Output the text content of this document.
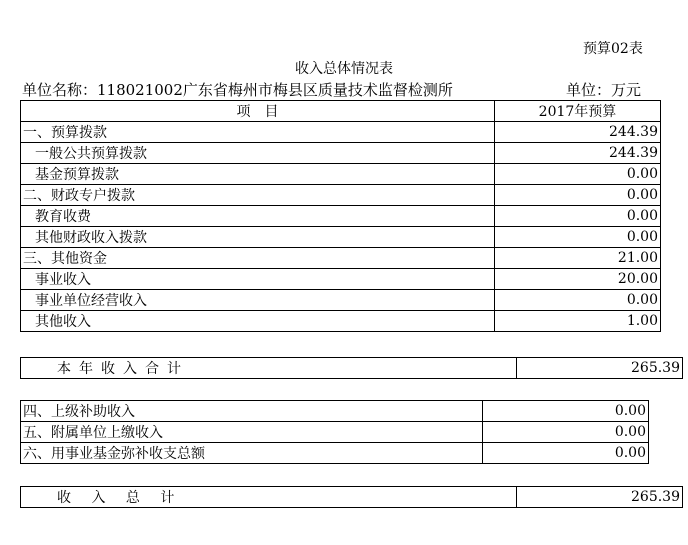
预算02表
收入总体情况表
单位名称：118021002广东省梅州市梅县区质量技术监督检测所	单位：万元
项　目	2017年预算
一、预算拨款	244.39
一般公共预算拨款	244.39
基金预算拨款	0.00
二、财政专户拨款	0.00
教育收费	0.00
其他财政收入拨款	0.00
三、其他资金	21.00
事业收入	20.00
事业单位经营收入	0.00
其他收入	1.00
本年收入合计	265.39
四、上级补助收入	0.00
五、附属单位上缴收入	0.00
六、用事业基金弥补收支总额	0.00
收 入 总 计	265.39
